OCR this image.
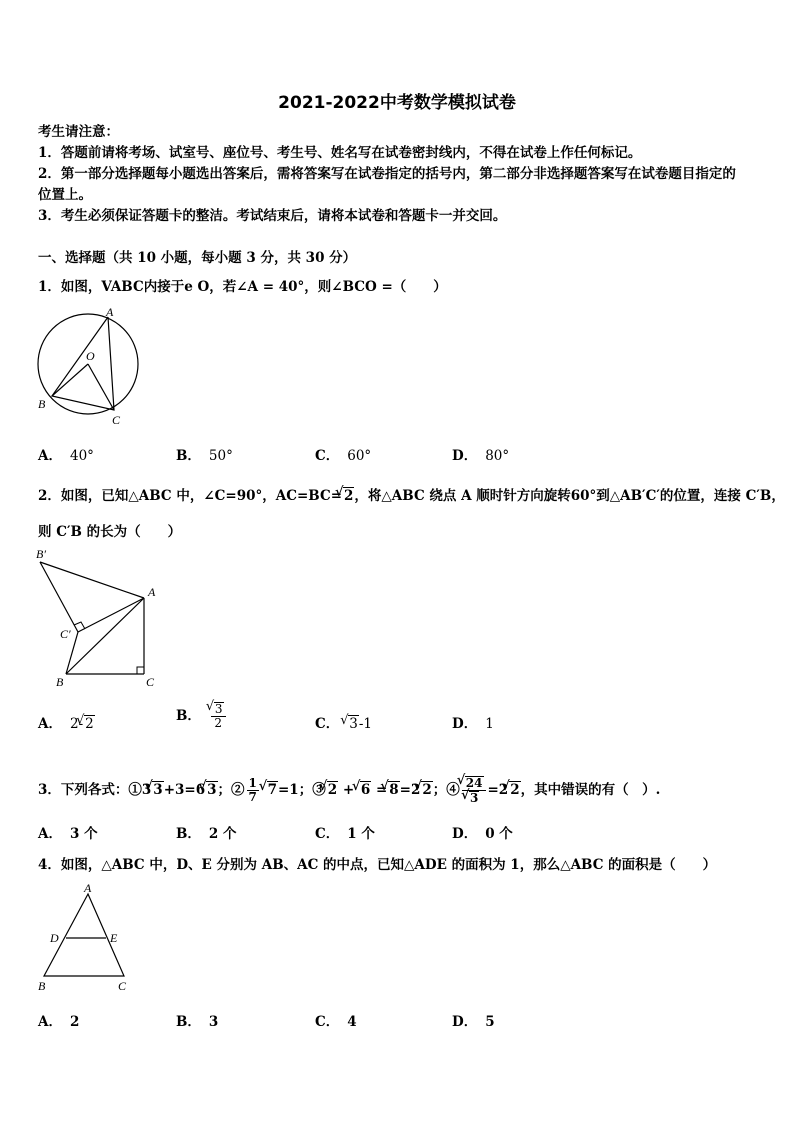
2021-2022中考数学模拟试卷
考生请注意：
1．答题前请将考场、试室号、座位号、考生号、姓名写在试卷密封线内，不得在试卷上作任何标记。
2．第一部分选择题每小题选出答案后，需将答案写在试卷指定的括号内，第二部分非选择题答案写在试卷题目指定的
位置上。
3．考生必须保证答题卡的整洁。考试结束后，请将本试卷和答题卡一并交回。
一、选择题（共 10 小题，每小题 3 分，共 30 分）
1．如图，VABC内接于e O，若∠A = 40°，则∠BCO =（　　）
A
O
B
C
A． 40°	B． 50°	C． 60°	D． 80°
2．如图，已知△ABC 中，∠C=90°，AC=BC= √ 2，将△ABC 绕点 A 顺时针方向旋转60°到△AB′C′的位置，连接 C′B，
则 C′B 的长为（　　）
B′
A
C′
B	C
A． 2- √ 2
B． √ $\frac{3}{2}$	C． √ 3-1	D． 1
3．下列各式：①3 √ 3+3=6 √ 3；② $\frac{1}{7}$ √ 7=1；③ √ 2 + √ 6 = √ 8=2 √ 2；④ √ 24
√ 3 =2 √ 2，其中错误的有（　）.
A． 3 个	B． 2 个	C． 1 个	D． 0 个
4．如图，△ABC 中，D、E 分别为 AB、AC 的中点，已知△ADE 的面积为 1，那么△ABC 的面积是（　　）
A
D	E
B	C
A． 2	B． 3	C． 4	D． 5
